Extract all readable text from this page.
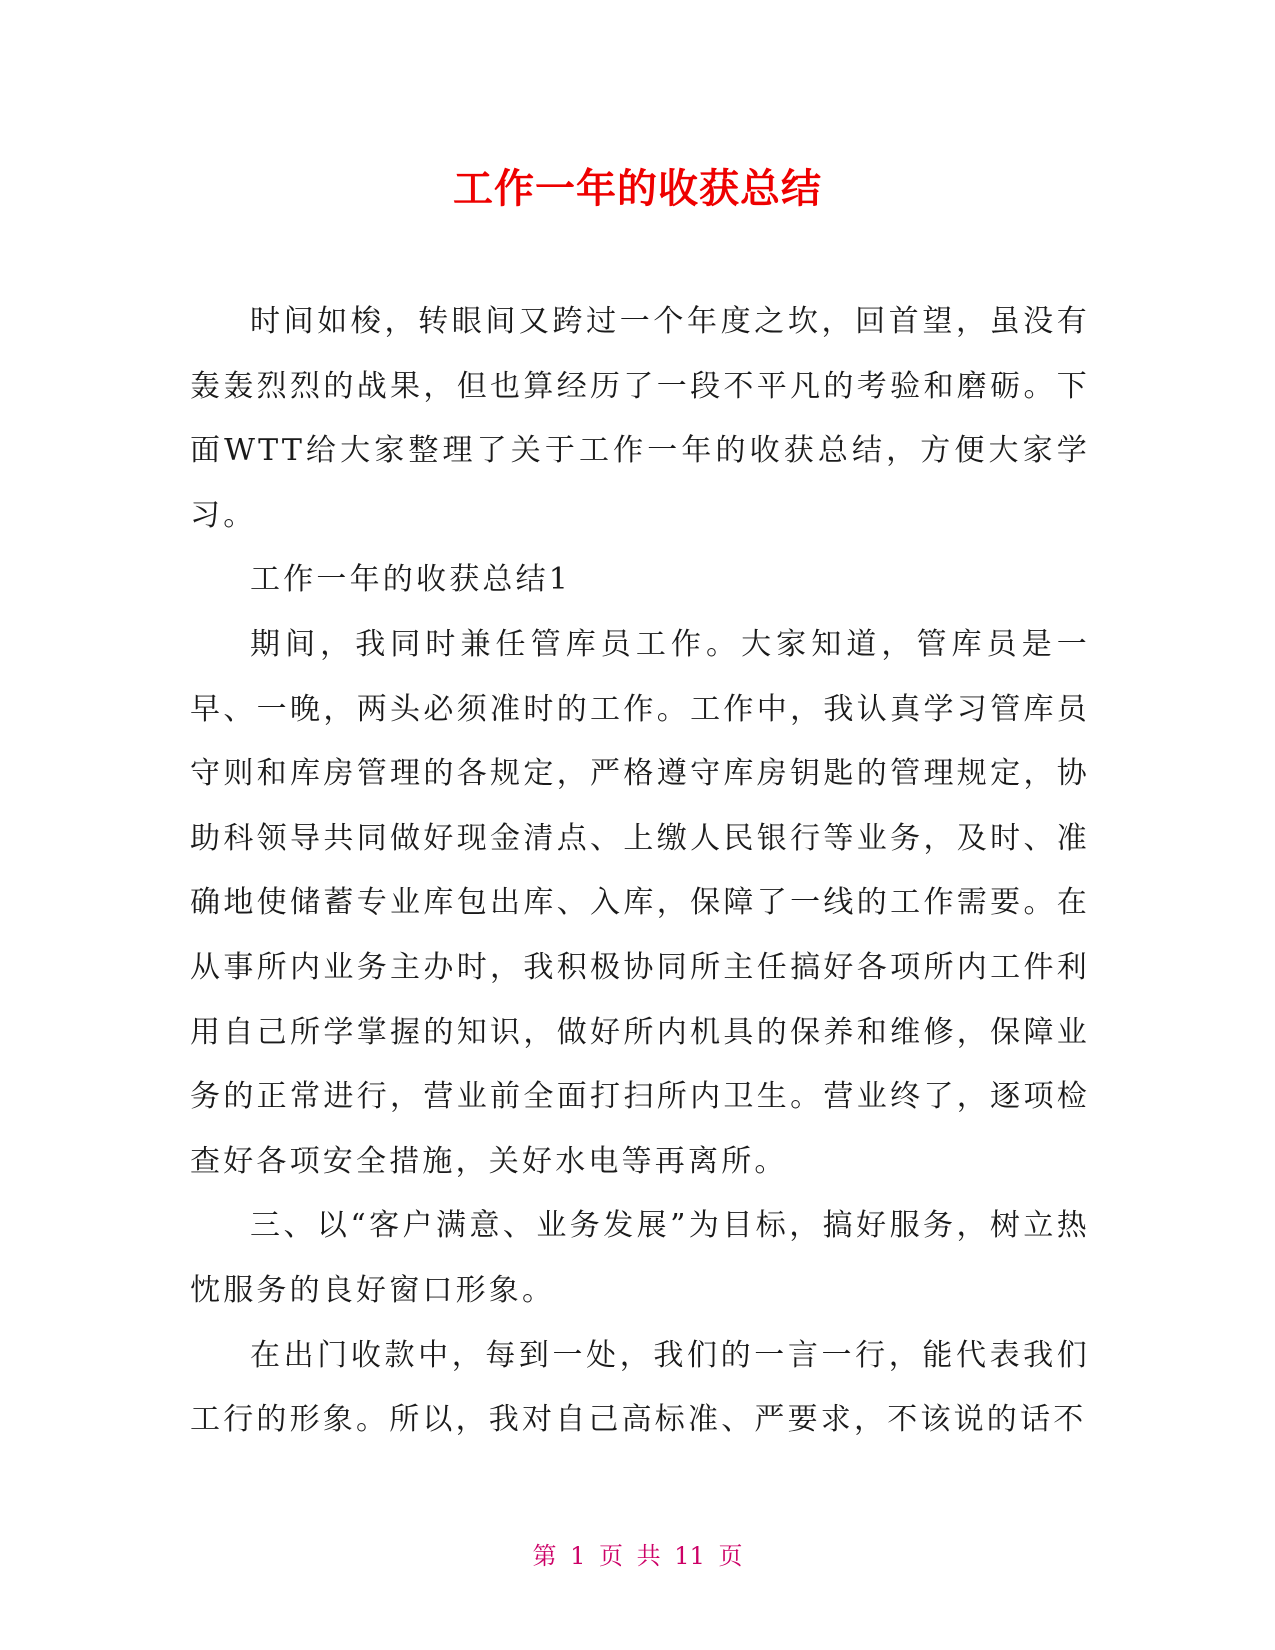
工作一年的收获总结

时间如梭，转眼间又跨过一个年度之坎，回首望，虽没有轰轰烈烈的战果，但也算经历了一段不平凡的考验和磨砺。下面WTT给大家整理了关于工作一年的收获总结，方便大家学习。

工作一年的收获总结1

期间，我同时兼任管库员工作。大家知道，管库员是一早、一晚，两头必须准时的工作。工作中，我认真学习管库员守则和库房管理的各规定，严格遵守库房钥匙的管理规定，协助科领导共同做好现金清点、上缴人民银行等业务，及时、准确地使储蓄专业库包出库、入库，保障了一线的工作需要。在从事所内业务主办时，我积极协同所主任搞好各项所内工件利用自己所学掌握的知识，做好所内机具的保养和维修，保障业务的正常进行，营业前全面打扫所内卫生。营业终了，逐项检查好各项安全措施，关好水电等再离所。

三、以“客户满意、业务发展”为目标，搞好服务，树立热忱服务的良好窗口形象。

在出门收款中，每到一处，我们的一言一行，能代表我们工行的形象。所以，我对自己高标准、严要求，不该说的话不

第 1 页 共 11 页
